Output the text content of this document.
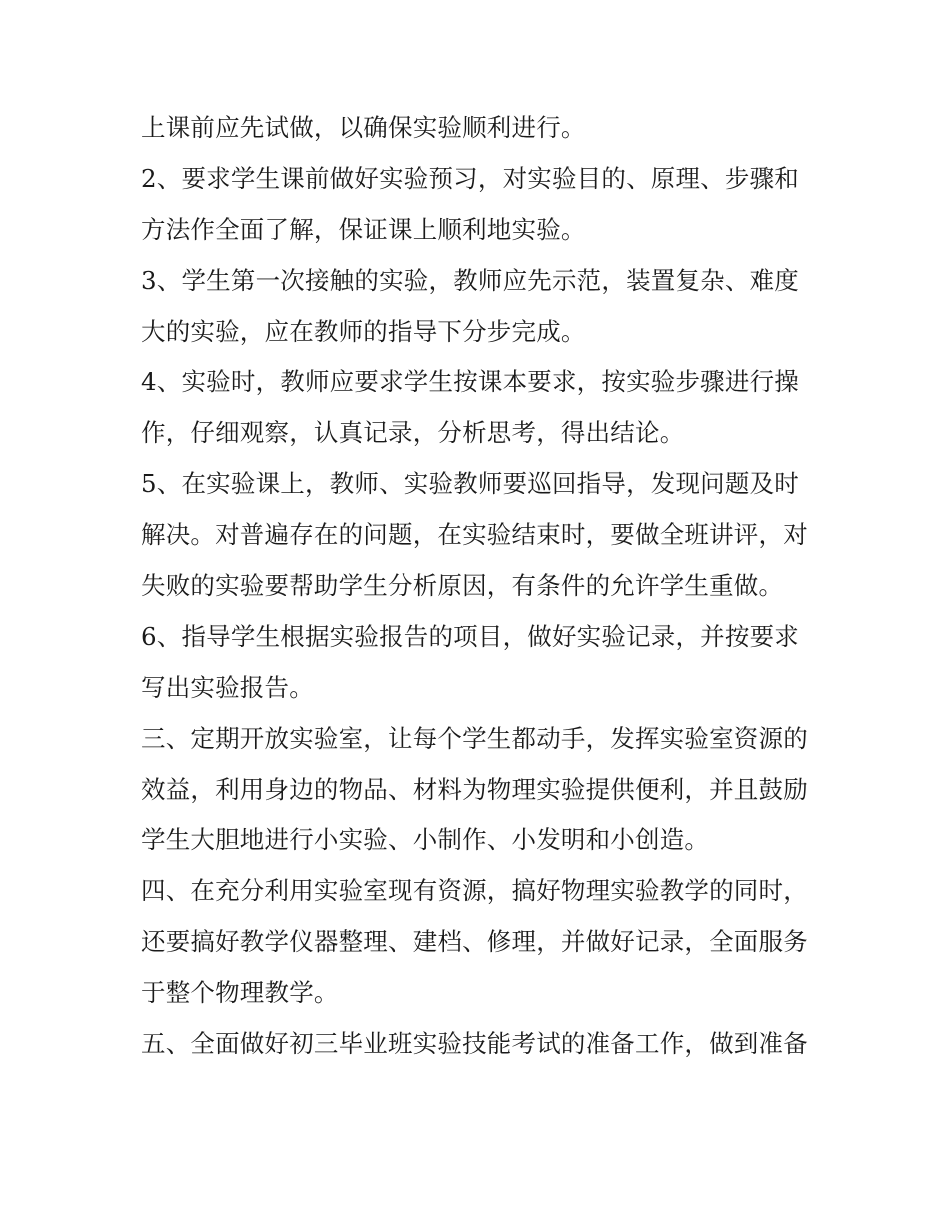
上课前应先试做，以确保实验顺利进行。
2、要求学生课前做好实验预习，对实验目的、原理、步骤和
方法作全面了解，保证课上顺利地实验。
3、学生第一次接触的实验，教师应先示范，装置复杂、难度
大的实验，应在教师的指导下分步完成。
4、实验时，教师应要求学生按课本要求，按实验步骤进行操
作，仔细观察，认真记录，分析思考，得出结论。
5、在实验课上，教师、实验教师要巡回指导，发现问题及时
解决。对普遍存在的问题，在实验结束时，要做全班讲评，对
失败的实验要帮助学生分析原因，有条件的允许学生重做。
6、指导学生根据实验报告的项目，做好实验记录，并按要求
写出实验报告。
三、定期开放实验室，让每个学生都动手，发挥实验室资源的
效益，利用身边的物品、材料为物理实验提供便利，并且鼓励
学生大胆地进行小实验、小制作、小发明和小创造。
四、在充分利用实验室现有资源，搞好物理实验教学的同时，
还要搞好教学仪器整理、建档、修理，并做好记录，全面服务
于整个物理教学。
五、全面做好初三毕业班实验技能考试的准备工作，做到准备
